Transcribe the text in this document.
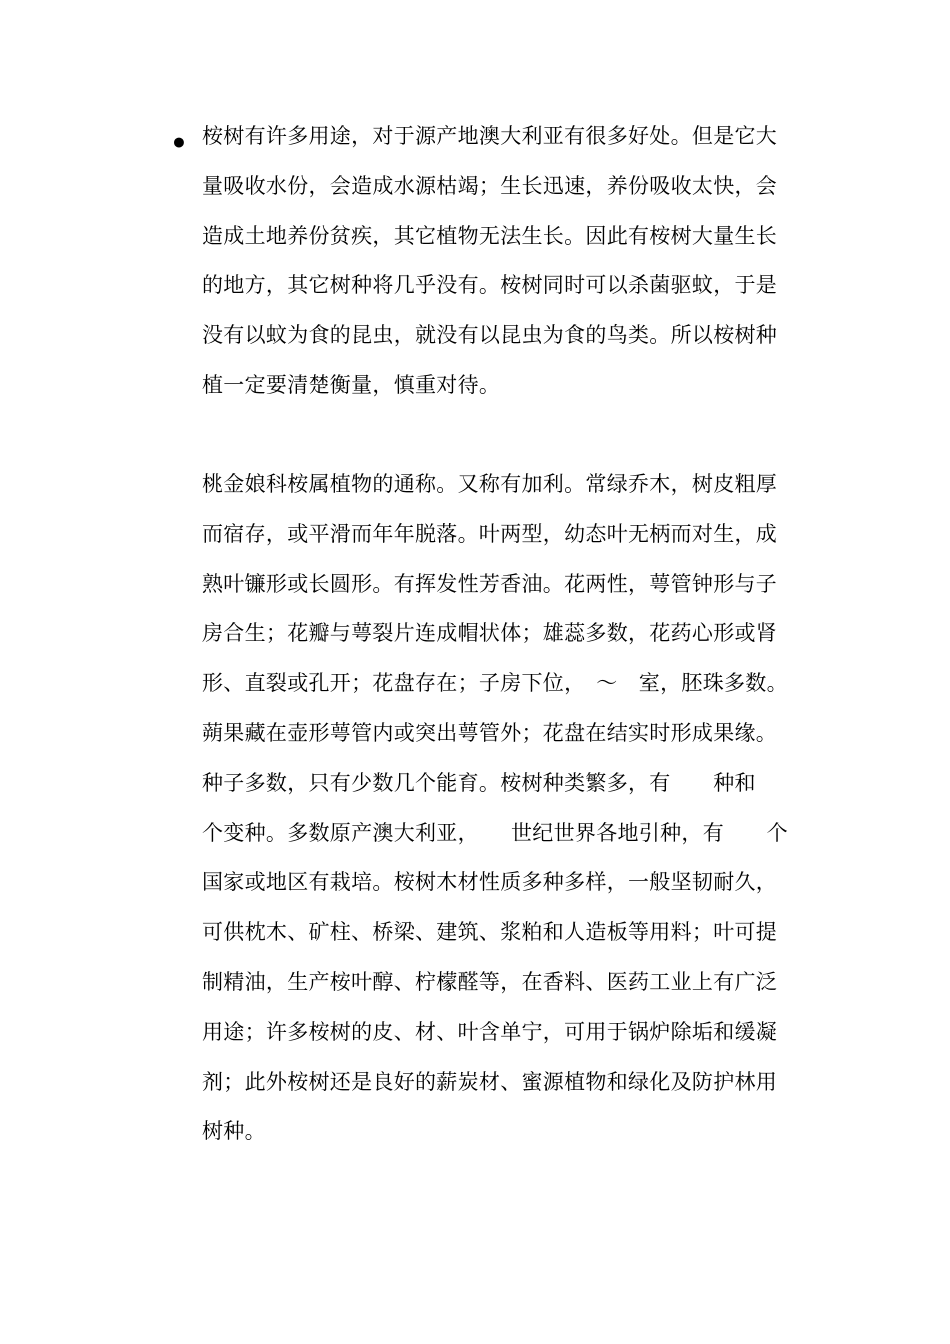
• 桉树有许多用途，对于源产地澳大利亚有很多好处。但是它大
量吸收水份，会造成水源枯竭；生长迅速，养份吸收太快，会
造成土地养份贫疾，其它植物无法生长。因此有桉树大量生长
的地方，其它树种将几乎没有。桉树同时可以杀菌驱蚊，于是
没有以蚊为食的昆虫，就没有以昆虫为食的鸟类。所以桉树种
植一定要清楚衡量，慎重对待。
桃金娘科桉属植物的通称。又称有加利。常绿乔木，树皮粗厚
而宿存，或平滑而年年脱落。叶两型，幼态叶无柄而对生，成
熟叶镰形或长圆形。有挥发性芳香油。花两性，萼管钟形与子
房合生；花瓣与萼裂片连成帽状体；雄蕊多数，花药心形或肾
形、直裂或孔开；花盘存在；子房下位，　～　室，胚珠多数。
蒴果藏在壶形萼管内或突出萼管外；花盘在结实时形成果缘。
种子多数，只有少数几个能育。桉树种类繁多，有　　种和
个变种。多数原产澳大利亚，　　世纪世界各地引种，有　　个
国家或地区有栽培。桉树木材性质多种多样，一般坚韧耐久，
可供枕木、矿柱、桥梁、建筑、浆粕和人造板等用料；叶可提
制精油，生产桉叶醇、柠檬醛等，在香料、医药工业上有广泛
用途；许多桉树的皮、材、叶含单宁，可用于锅炉除垢和缓凝
剂；此外桉树还是良好的薪炭材、蜜源植物和绿化及防护林用
树种。
